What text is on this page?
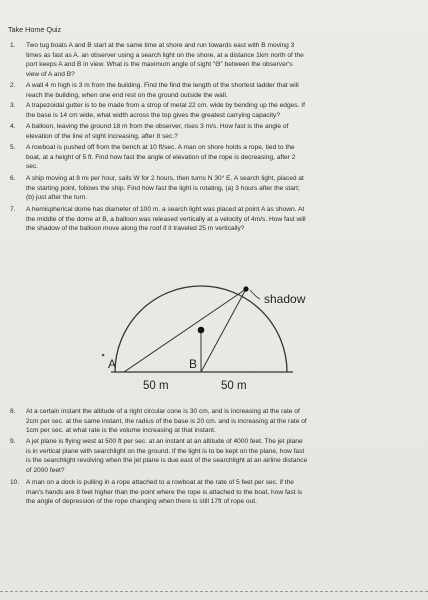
Take Home Quiz
1.	Two tug boats A and B start at the same time at shore and run towards east with B moving 3
times as fast as A. an observer using a search light on the shore, at a distance 1km north of the
port keeps A and B in view. What is the maximum angle of sight "Θ" between the observer's
view of A and B?
2.	A wall 4 m high is 3 m from the building. Find the find the length of the shortest ladder that will
reach the building, when one end rest on the ground outside the wall.
3.	A trapezoidal gutter is to be made from a strop of metal 22 cm. wide by bending up the edges. If
the base is 14 cm wide, what width across the top gives the greatest carrying capacity?
4.	A balloon, leaving the ground 18 m from the observer, rises 3 m/s. How fast is the angle of
elevation of the line of sight increasing, after 8 sec.?
5.	A rowboat is pushed off from the bench at 10 ft/sec. A man on shore holds a rope, tied to the
boat, at a height of 5 ft. Find how fast the angle of elevation of the rope is decreasing, after 2
sec.
6.	A ship moving at 8 mi per hour, sails W for 2 hours, then turns N 30° E. A search light, placed at
the starting point, follows the ship. Find how fast the light is rotating, (a) 3 hours after the start;
(b) just after the turn.
7.	A hemispherical dome has diameter of 100 m. a search light was placed at point A as shown. At
the middle of the dome at B, a balloon was released vertically at a velocity of 4m/s. How fast will
the shadow of the balloon move along the roof if it traveled 25 m vertically?
shadow
A	B
50 m	50 m
8.	At a certain instant the altitude of a right circular cone is 30 cm, and is increasing at the rate of
2cm per sec. at the same instant, the radius of the base is 20 cm. and is increasing at the rate of
1cm per sec. at what rate is the volume increasing at that instant.
9.	A jet plane is flying west at 500 ft per sec. at an instant at an altitude of 4000 feet. The jet plane
is in vertical plane with searchlight on the ground. If the light is to be kept on the plane, how fast
is the searchlight revolving when the jet plane is due east of the searchlight at an airline distance
of 2000 feet?
10.	A man on a dock is pulling in a rope attached to a rowboat at the rate of 5 feet per sec. if the
man's hands are 8 feet higher than the point where the rope is attached to the boat, how fast is
the angle of depression of the rope changing when there is still 17ft of rope out.
